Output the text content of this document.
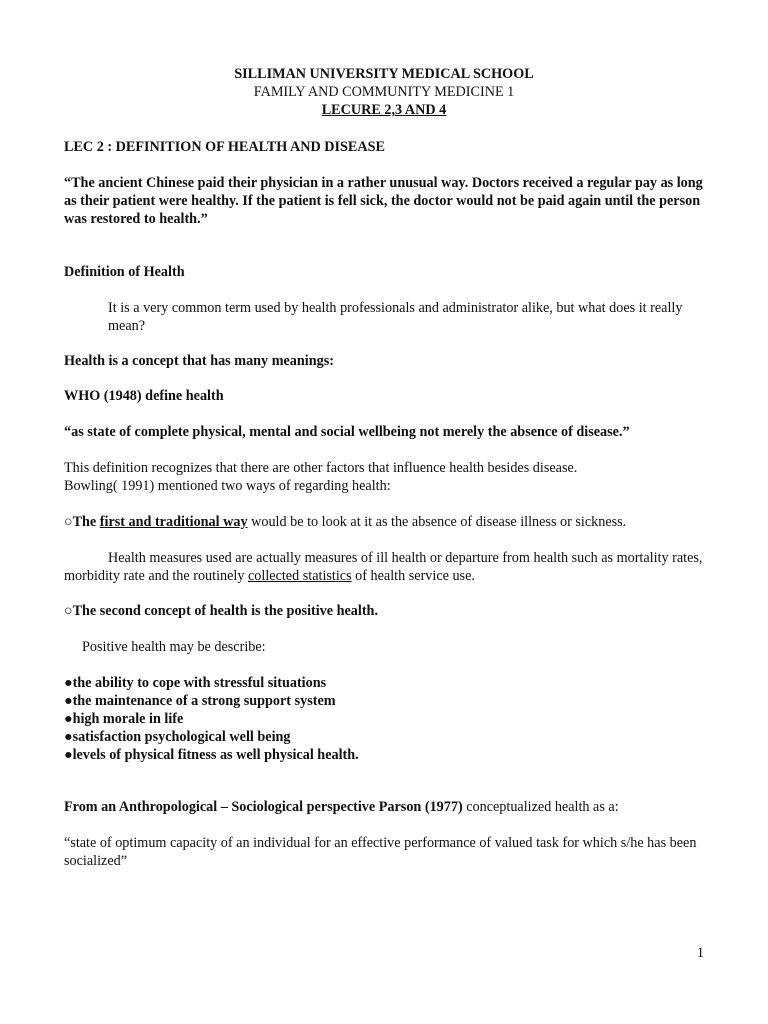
SILLIMAN UNIVERSITY MEDICAL SCHOOL

FAMILY AND COMMUNITY MEDICINE 1

LECURE 2,3 AND 4

LEC 2 : DEFINITION OF HEALTH AND DISEASE

“The ancient Chinese paid their physician in a rather unusual way. Doctors received a regular pay as long as their patient were healthy. If the patient is fell sick, the doctor would not be paid again until the person was restored to health.”

Definition of Health

It is a very common term used by health professionals and administrator alike, but what does it really mean?

Health is a concept that has many meanings:

WHO (1948) define health

“as state of complete physical, mental and social wellbeing not merely the absence of disease.”

This definition recognizes that there are other factors that influence health besides disease.

Bowling( 1991) mentioned two ways of regarding health:

○The first and traditional way would be to look at it as the absence of disease illness or sickness.

Health measures used are actually measures of ill health or departure from health such as mortality rates, morbidity rate and the routinely collected statistics of health service use.

○The second concept of health is the positive health.

Positive health may be describe:

●the ability to cope with stressful situations
●the maintenance of a strong support system
●high morale in life
●satisfaction psychological well being
●levels of physical fitness as well physical health.

From an Anthropological – Sociological perspective Parson (1977) conceptualized health as a:

“state of optimum capacity of an individual for an effective performance of valued task for which s/he has been socialized”

1
